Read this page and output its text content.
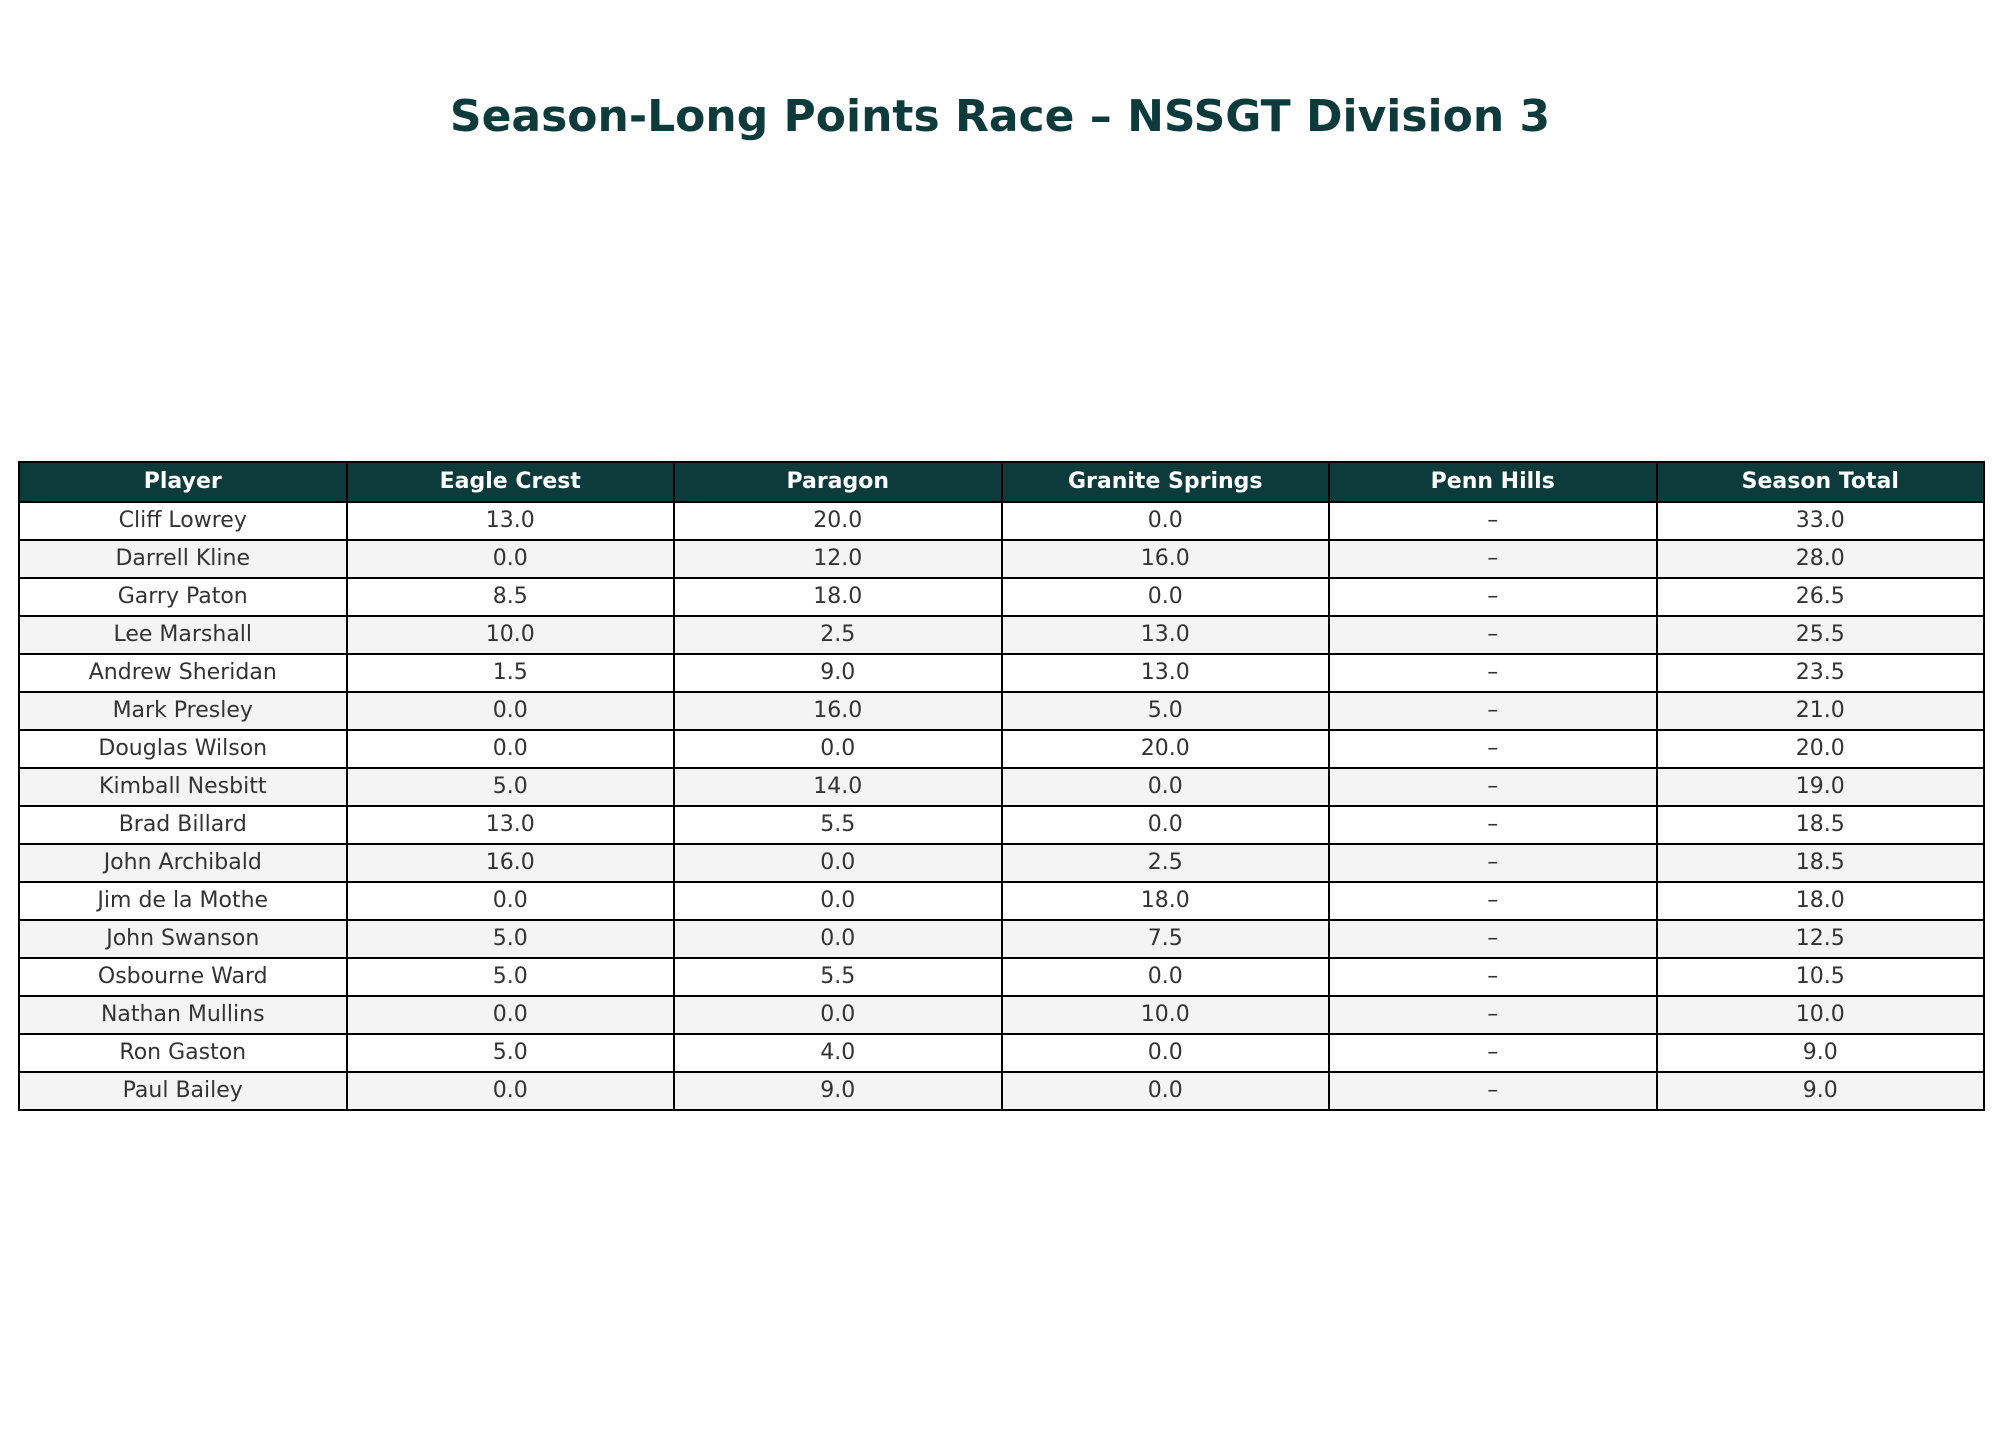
Season-Long Points Race – NSSGT Division 3
Player	Eagle Crest	Paragon	Granite Springs	Penn Hills	Season Total
Cliff Lowrey	13.0	20.0	0.0	–	33.0
Darrell Kline	0.0	12.0	16.0	–	28.0
Garry Paton	8.5	18.0	0.0	–	26.5
Lee Marshall	10.0	2.5	13.0	–	25.5
Andrew Sheridan	1.5	9.0	13.0	–	23.5
Mark Presley	0.0	16.0	5.0	–	21.0
Douglas Wilson	0.0	0.0	20.0	–	20.0
Kimball Nesbitt	5.0	14.0	0.0	–	19.0
Brad Billard	13.0	5.5	0.0	–	18.5
John Archibald	16.0	0.0	2.5	–	18.5
Jim de la Mothe	0.0	0.0	18.0	–	18.0
John Swanson	5.0	0.0	7.5	–	12.5
Osbourne Ward	5.0	5.5	0.0	–	10.5
Nathan Mullins	0.0	0.0	10.0	–	10.0
Ron Gaston	5.0	4.0	0.0	–	9.0
Paul Bailey	0.0	9.0	0.0	–	9.0
